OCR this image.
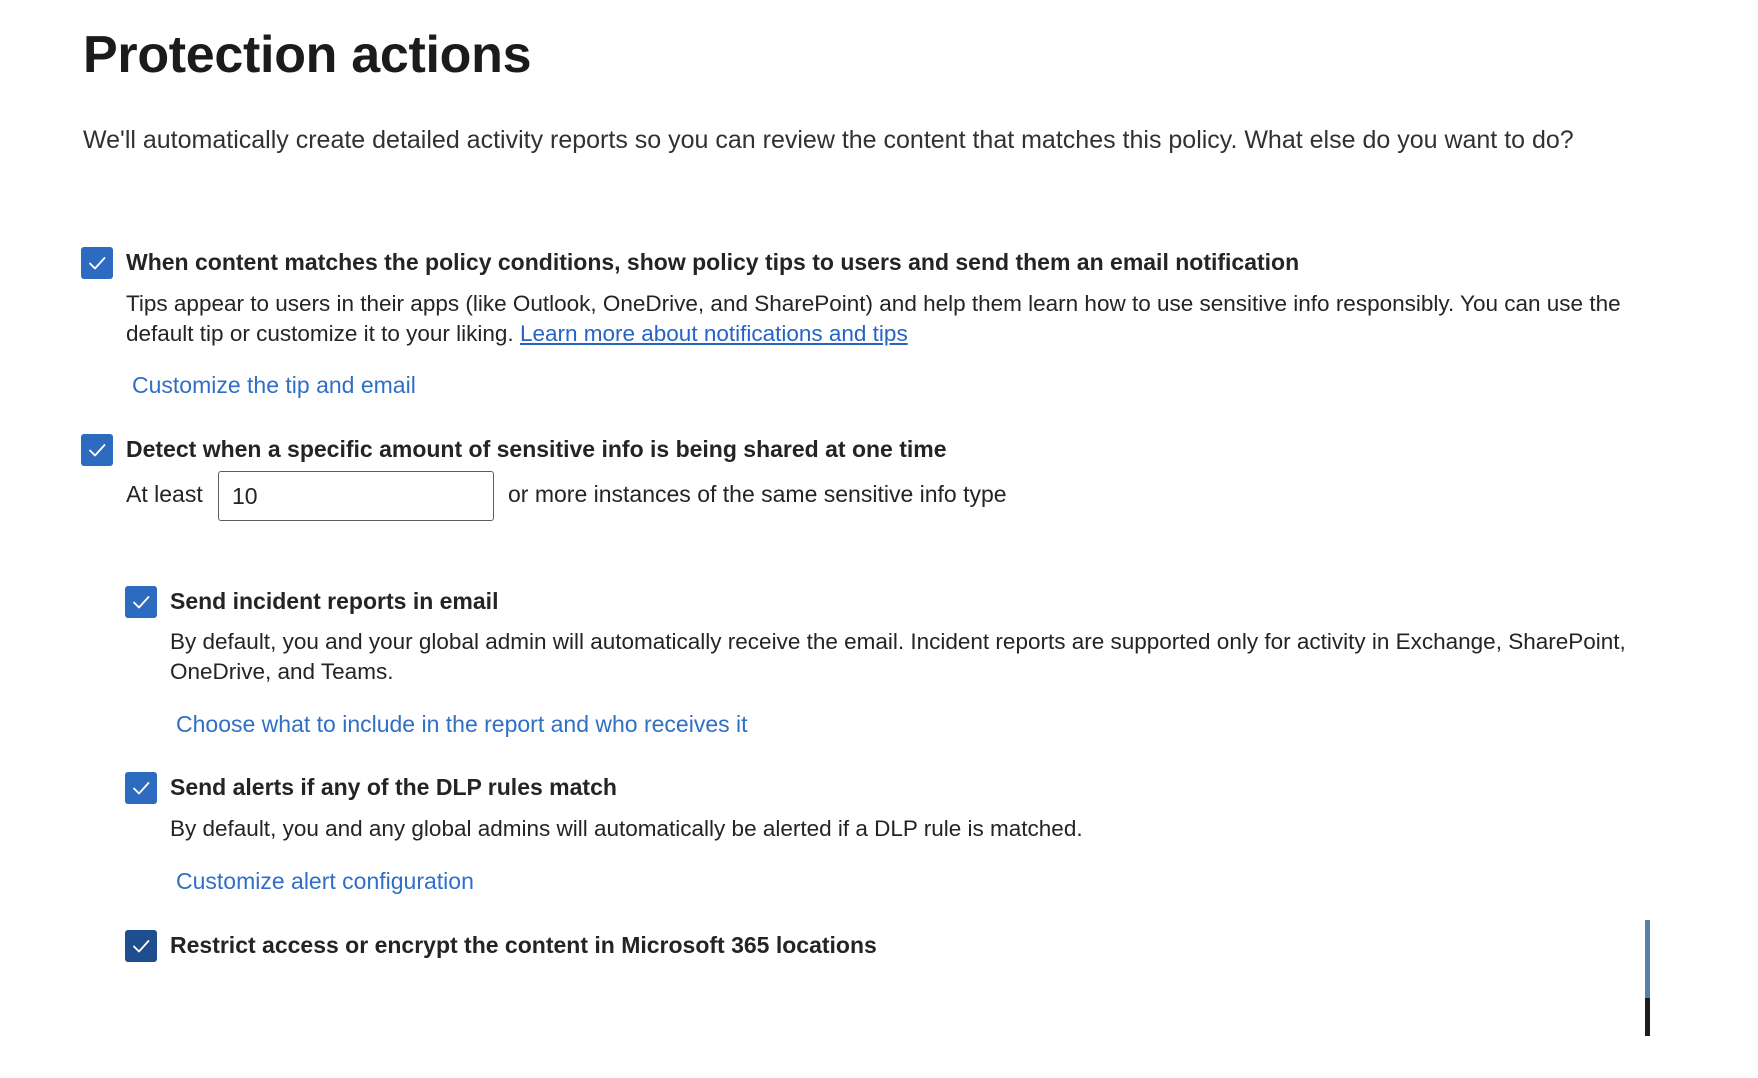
Protection actions

We'll automatically create detailed activity reports so you can review the content that matches this policy. What else do you want to do?

When content matches the policy conditions, show policy tips to users and send them an email notification

Tips appear to users in their apps (like Outlook, OneDrive, and SharePoint) and help them learn how to use sensitive info responsibly. You can use the default tip or customize it to your liking. Learn more about notifications and tips

Customize the tip and email
Detect when a specific amount of sensitive info is being shared at one time
At least
10	or more instances of the same sensitive info type
Send incident reports in email

By default, you and your global admin will automatically receive the email. Incident reports are supported only for activity in Exchange, SharePoint, OneDrive, and Teams.

Choose what to include in the report and who receives it
Send alerts if any of the DLP rules match

By default, you and any global admins will automatically be alerted if a DLP rule is matched.

Customize alert configuration
Restrict access or encrypt the content in Microsoft 365 locations
